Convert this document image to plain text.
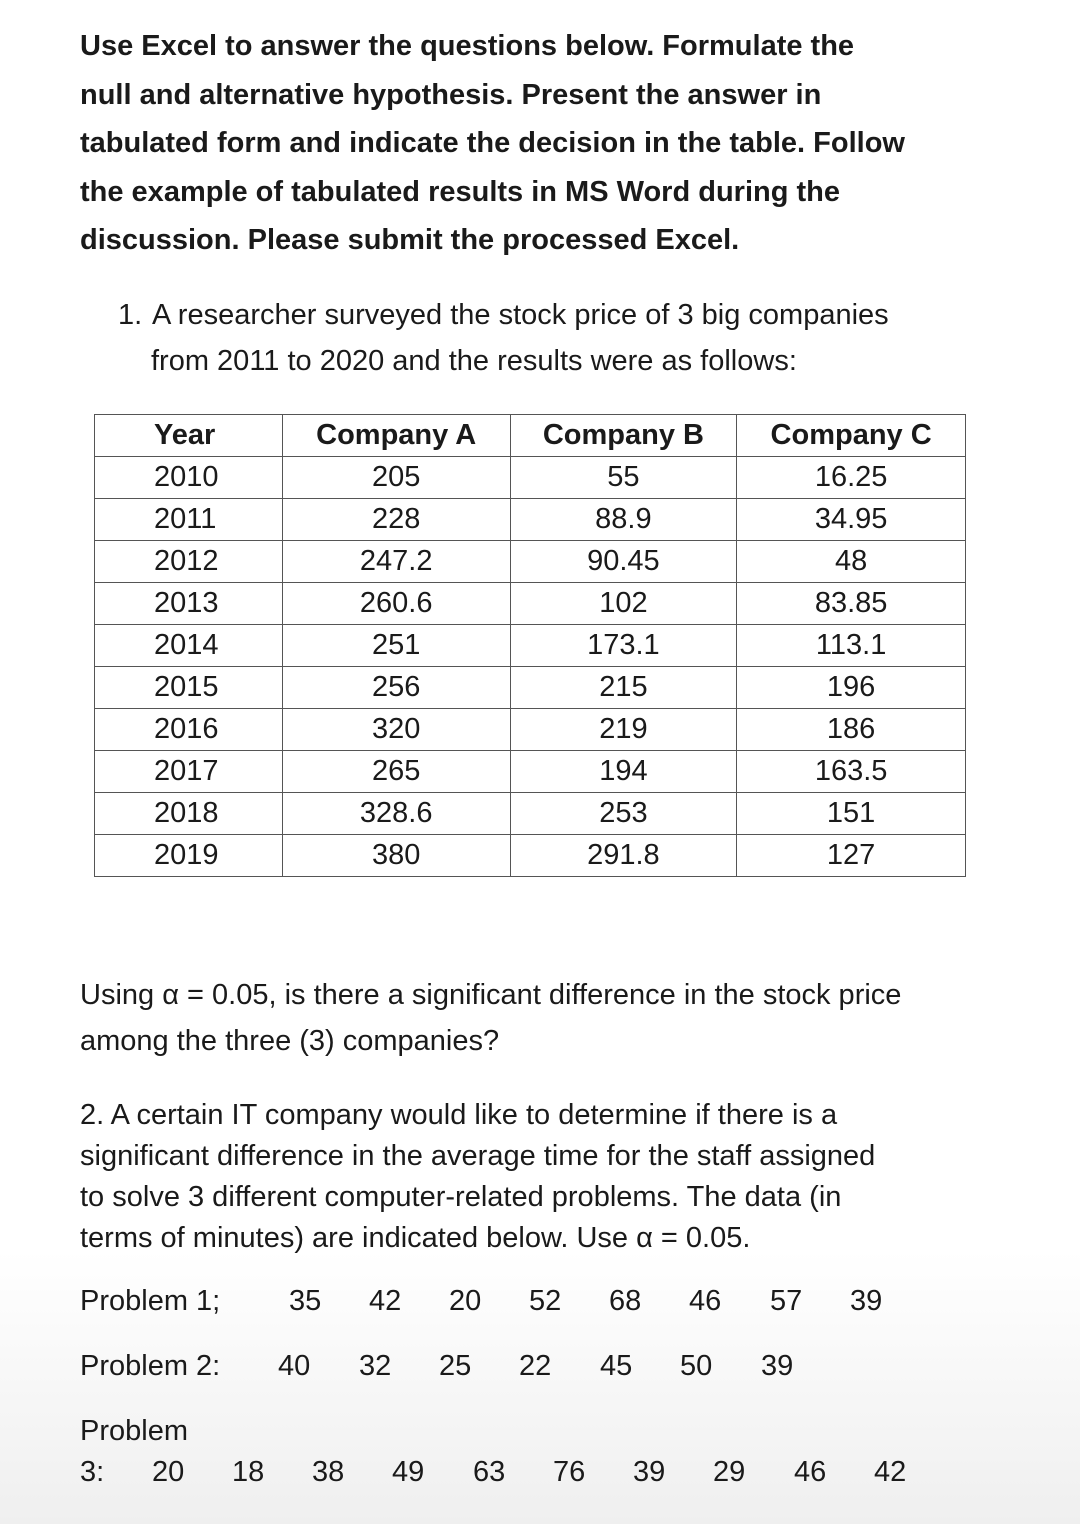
Use Excel to answer the questions below. Formulate the
null and alternative hypothesis. Present the answer in
tabulated form and indicate the decision in the table. Follow
the example of tabulated results in MS Word during the
discussion. Please submit the processed Excel.
1. A researcher surveyed the stock price of 3 big companies
from 2011 to 2020 and the results were as follows:
Year	Company A	Company B	Company C
2010	205	55	16.25
2011	228	88.9	34.95
2012	247.2	90.45	48
2013	260.6	102	83.85
2014	251	173.1	113.1
2015	256	215	196
2016	320	219	186
2017	265	194	163.5
2018	328.6	253	151
2019	380	291.8	127
Using α = 0.05, is there a significant difference in the stock price
among the three (3) companies?
2. A certain IT company would like to determine if there is a
significant difference in the average time for the staff assigned
to solve 3 different computer-related problems. The data (in
terms of minutes) are indicated below. Use α = 0.05.
Problem 1; 35 42 20 52 68 46 57 39
Problem 2: 40 32 25 22 45 50 39
Problem
3: 20 18 38 49 63 76 39 29 46 42
